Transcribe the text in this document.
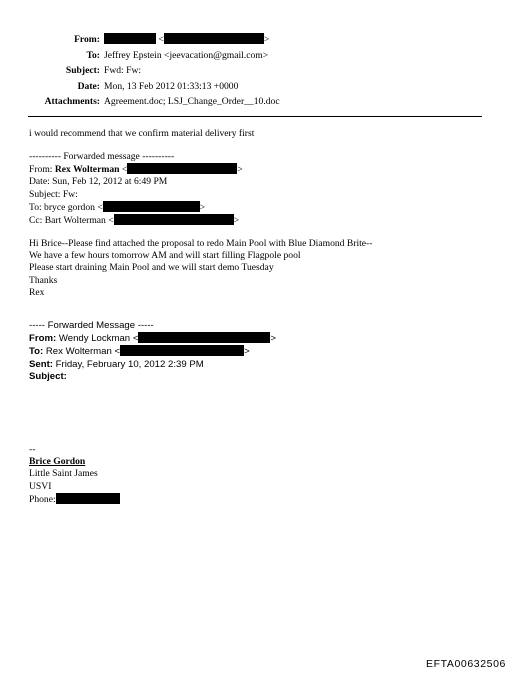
From:	<	>
To: Jeffrey Epstein <jeevacation@gmail.com>
Subject: Fwd: Fw:
Date: Mon, 13 Feb 2012 01:33:13 +0000
Attachments: Agreement.doc; LSJ_Change_Order__10.doc
i would recommend that we confirm material delivery first
---------- Forwarded message ----------
From: Rex Wolterman <	>
Date: Sun, Feb 12, 2012 at 6:49 PM
Subject: Fw:
To: bryce gordon <	>
Cc: Bart Wolterman <	>
Hi Brice--Please find attached the proposal to redo Main Pool with Blue Diamond Brite--
We have a few hours tomorrow AM and will start filling Flagpole pool
Please start draining Main Pool and we will start demo Tuesday
Thanks
Rex
----- Forwarded Message -----
From: Wendy Lockman <	>
To: Rex Wolterman <	>
Sent: Friday, February 10, 2012 2:39 PM
Subject:
--
Brice Gordon
Little Saint James
USVI
Phone:
EFTA00632506
